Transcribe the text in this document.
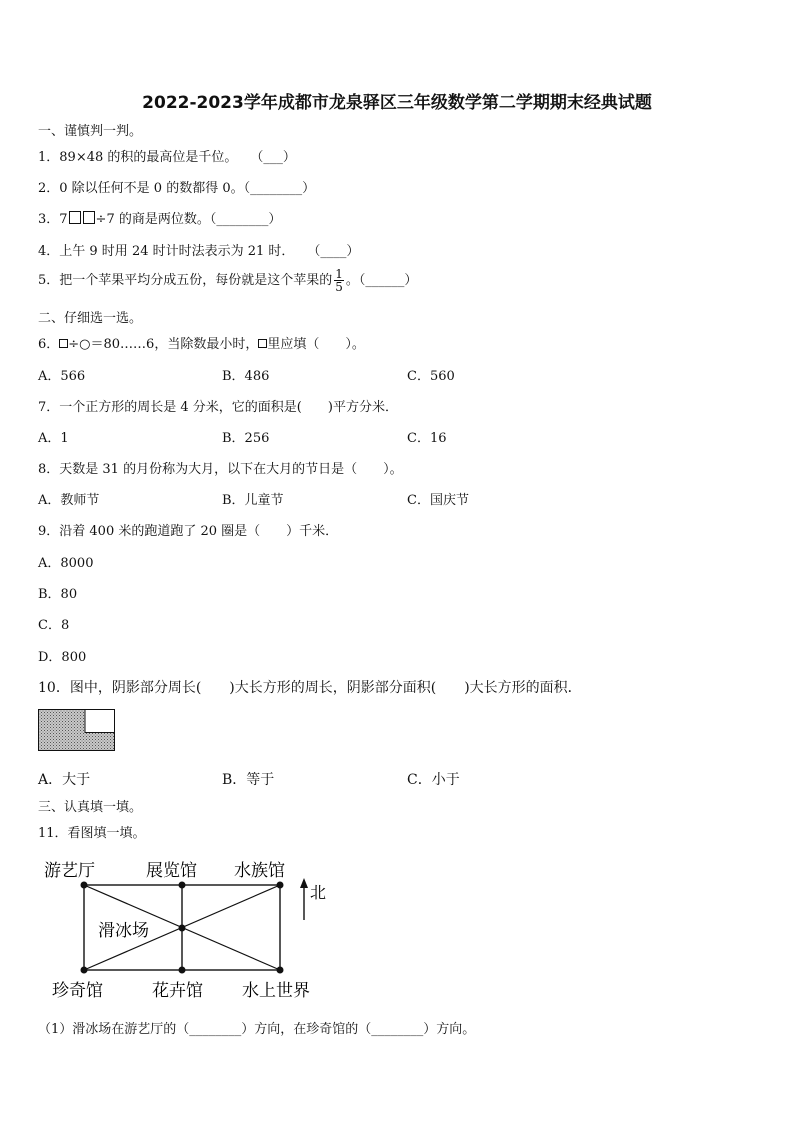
2022-2023学年成都市龙泉驿区三年级数学第二学期期末经典试题
一、谨慎判一判。
1．89×48 的积的最高位是千位。　　（___）
2．0 除以任何不是 0 的数都得 0。（________）
3．7 ÷7 的商是两位数。（________）
4．上午 9 时用 24 时计时法表示为 21 时．　　（____）
5．把一个苹果平均分成五份，每份就是这个苹果的 $\frac{1}{5}$ 。（______）
二、仔细选一选。
6． ÷○＝80……6，当除数最小时， 里应填（　　）。
A．566	B．486	C．560
7．一个正方形的周长是 4 分米，它的面积是(　　)平方分米．
A．1	B．256	C．16
8．天数是 31 的月份称为大月，以下在大月的节日是（　　）。
A．教师节	B．儿童节	C．国庆节
9．沿着 400 米的跑道跑了 20 圈是（　　）千米．
A．8000
B．80
C．8
D．800
10．图中，阴影部分周长(　　)大长方形的周长，阴影部分面积(　　)大长方形的面积．
A．大于	B．等于	C．小于
三、认真填一填。
11．看图填一填。
游艺厅	展览馆 水族馆
滑冰场
珍奇馆	花卉馆 水上世界
北
（1）滑冰场在游艺厅的（________）方向，在珍奇馆的（________）方向。
